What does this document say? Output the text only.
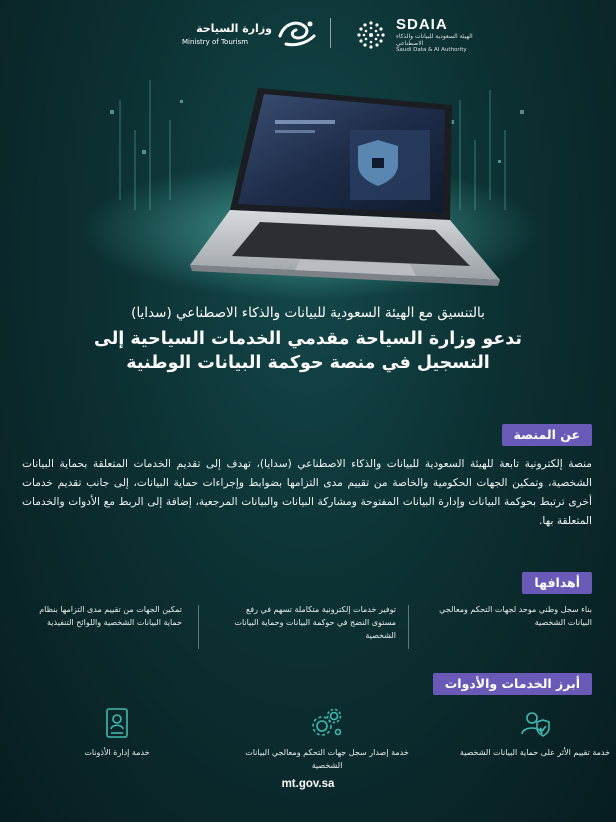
SDAIA
الهيئة السعودية للبيانات والذكاء الاصطناعي
Saudi Data & AI Authority
وزارة السياحة
Ministry of Tourism
بالتنسيق مع الهيئة السعودية للبيانات والذكاء الاصطناعي (سدايا)
تدعو وزارة السياحة مقدمي الخدمات السياحية إلى
التسجيل في منصة حوكمة البيانات الوطنية
عن المنصة
منصة إلكترونية تابعة للهيئة السعودية للبيانات والذكاء الاصطناعي (سدايا)، تهدف إلى تقديم الخدمات المتعلقة بحماية البيانات الشخصية، وتمكين الجهات الحكومية والخاصة من تقييم مدى التزامها بضوابط وإجراءات حماية البيانات، إلى جانب تقديم خدمات أخرى ترتبط بحوكمة البيانات وإدارة البيانات المفتوحة ومشاركة البيانات والبيانات المرجعية، إضافة إلى الربط مع الأدوات والخدمات المتعلقة بها.
أهدافها
بناء سجل وطني موحد لجهات التحكم ومعالجي البيانات الشخصية
توفير خدمات إلكترونية متكاملة تسهم في رفع مستوى النضج في حوكمة البيانات وحماية البيانات الشخصية
تمكين الجهات من تقييم مدى التزامها بنظام حماية البيانات الشخصية واللوائح التنفيذية
أبرز الخدمات والأدوات
خدمة تقييم الأثر على حماية البيانات الشخصية
خدمة إصدار سجل جهات التحكم ومعالجي البيانات الشخصية
خدمة إدارة الأذونات
mt.gov.sa
